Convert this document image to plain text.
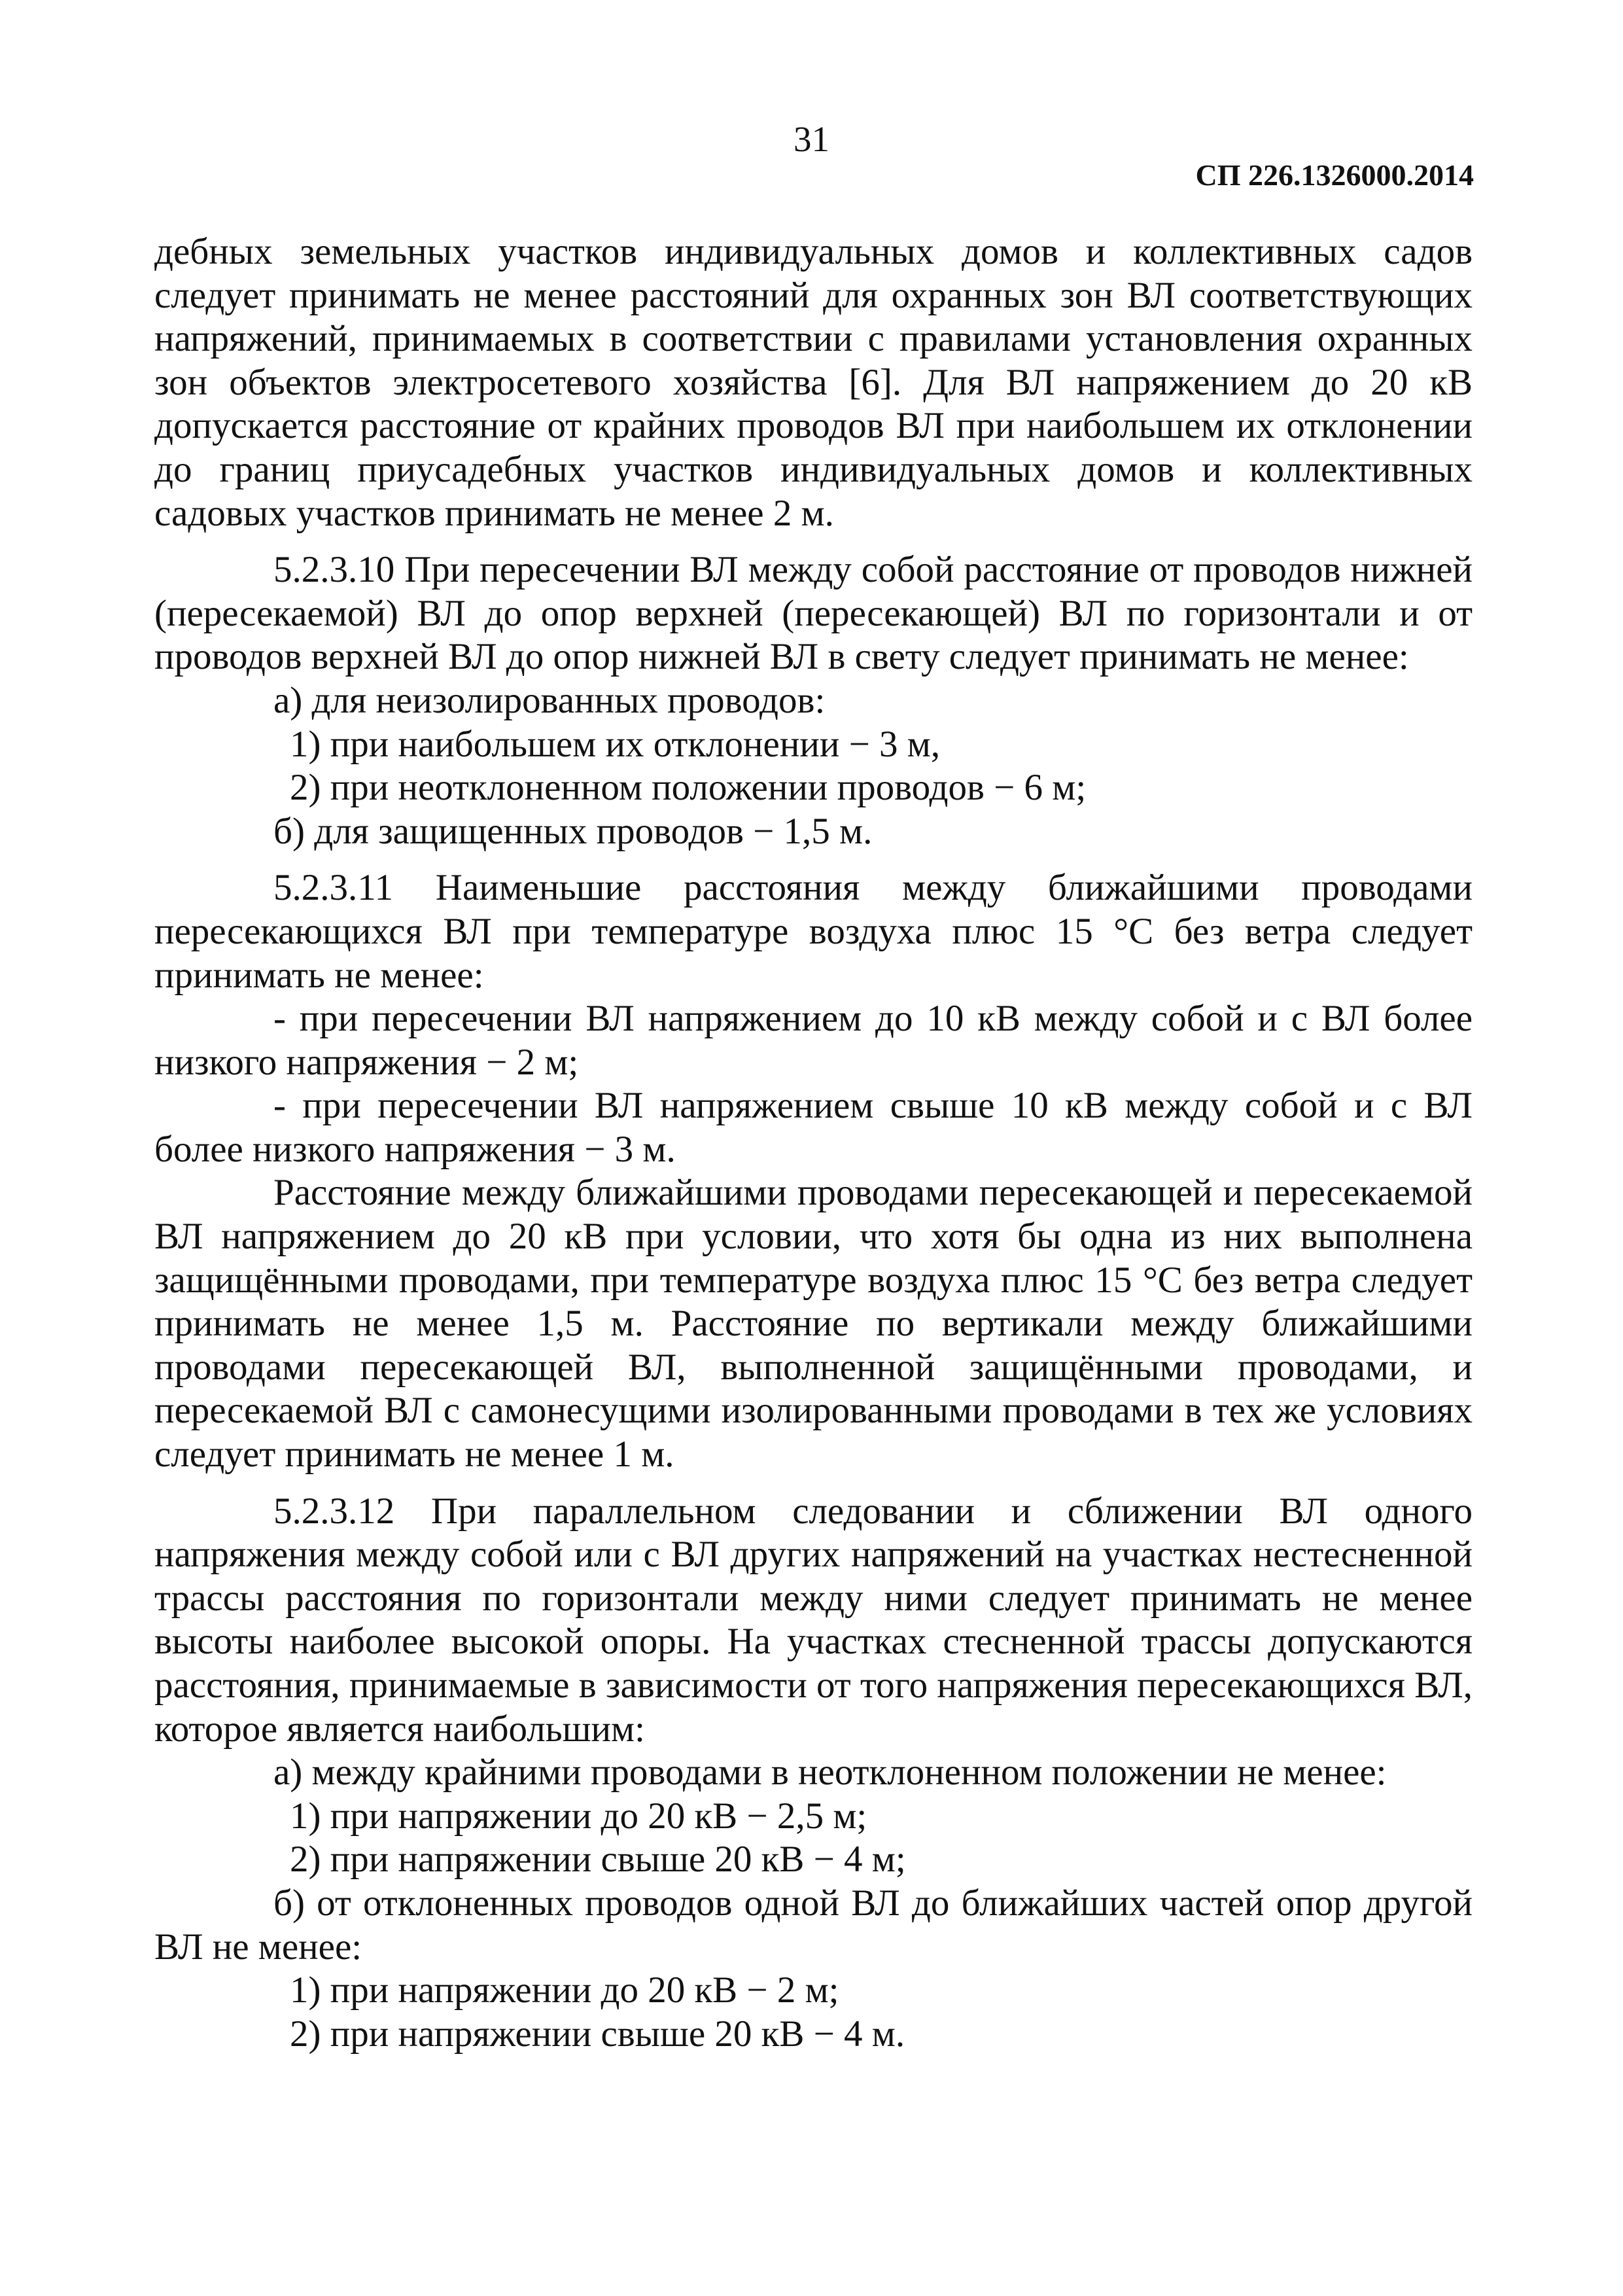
31
СП 226.1326000.2014

дебных земельных участков индивидуальных домов и коллективных садов следует принимать не менее расстояний для охранных зон ВЛ соответствующих напряжений, принимаемых в соответствии с правилами установления охранных зон объектов электросетевого хозяйства [6]. Для ВЛ напряжением до 20 кВ допускается расстояние от крайних проводов ВЛ при наибольшем их отклонении до границ приусадебных участков индивидуальных домов и коллективных садовых участков принимать не менее 2 м.

5.2.3.10 При пересечении ВЛ между собой расстояние от проводов нижней (пересекаемой) ВЛ до опор верхней (пересекающей) ВЛ по горизонтали и от проводов верхней ВЛ до опор нижней ВЛ в свету следует принимать не менее:

а) для неизолированных проводов:

1) при наибольшем их отклонении − 3 м,

2) при неотклоненном положении проводов − 6 м;

б) для защищенных проводов − 1,5 м.

5.2.3.11 Наименьшие расстояния между ближайшими проводами пересекающихся ВЛ при температуре воздуха плюс 15 °С без ветра следует принимать не менее:

- при пересечении ВЛ напряжением до 10 кВ между собой и с ВЛ более низкого напряжения − 2 м;

- при пересечении ВЛ напряжением свыше 10 кВ между собой и с ВЛ более низкого напряжения − 3 м.

Расстояние между ближайшими проводами пересекающей и пересекаемой ВЛ напряжением до 20 кВ при условии, что хотя бы одна из них выполнена защищёнными проводами, при температуре воздуха плюс 15 °С без ветра следует принимать не менее 1,5 м. Расстояние по вертикали между ближайшими проводами пересекающей ВЛ, выполненной защищёнными проводами, и пересекаемой ВЛ с самонесущими изолированными проводами в тех же условиях следует принимать не менее 1 м.

5.2.3.12 При параллельном следовании и сближении ВЛ одного напряжения между собой или с ВЛ других напряжений на участках нестесненной трассы расстояния по горизонтали между ними следует принимать не менее высоты наиболее высокой опоры. На участках стесненной трассы допускаются расстояния, принимаемые в зависимости от того напряжения пересекающихся ВЛ, которое является наибольшим:

а) между крайними проводами в неотклоненном положении не менее:

1) при напряжении до 20 кВ − 2,5 м;

2) при напряжении свыше 20 кВ − 4 м;

б) от отклоненных проводов одной ВЛ до ближайших частей опор другой ВЛ не менее:

1) при напряжении до 20 кВ − 2 м;

2) при напряжении свыше 20 кВ − 4 м.
